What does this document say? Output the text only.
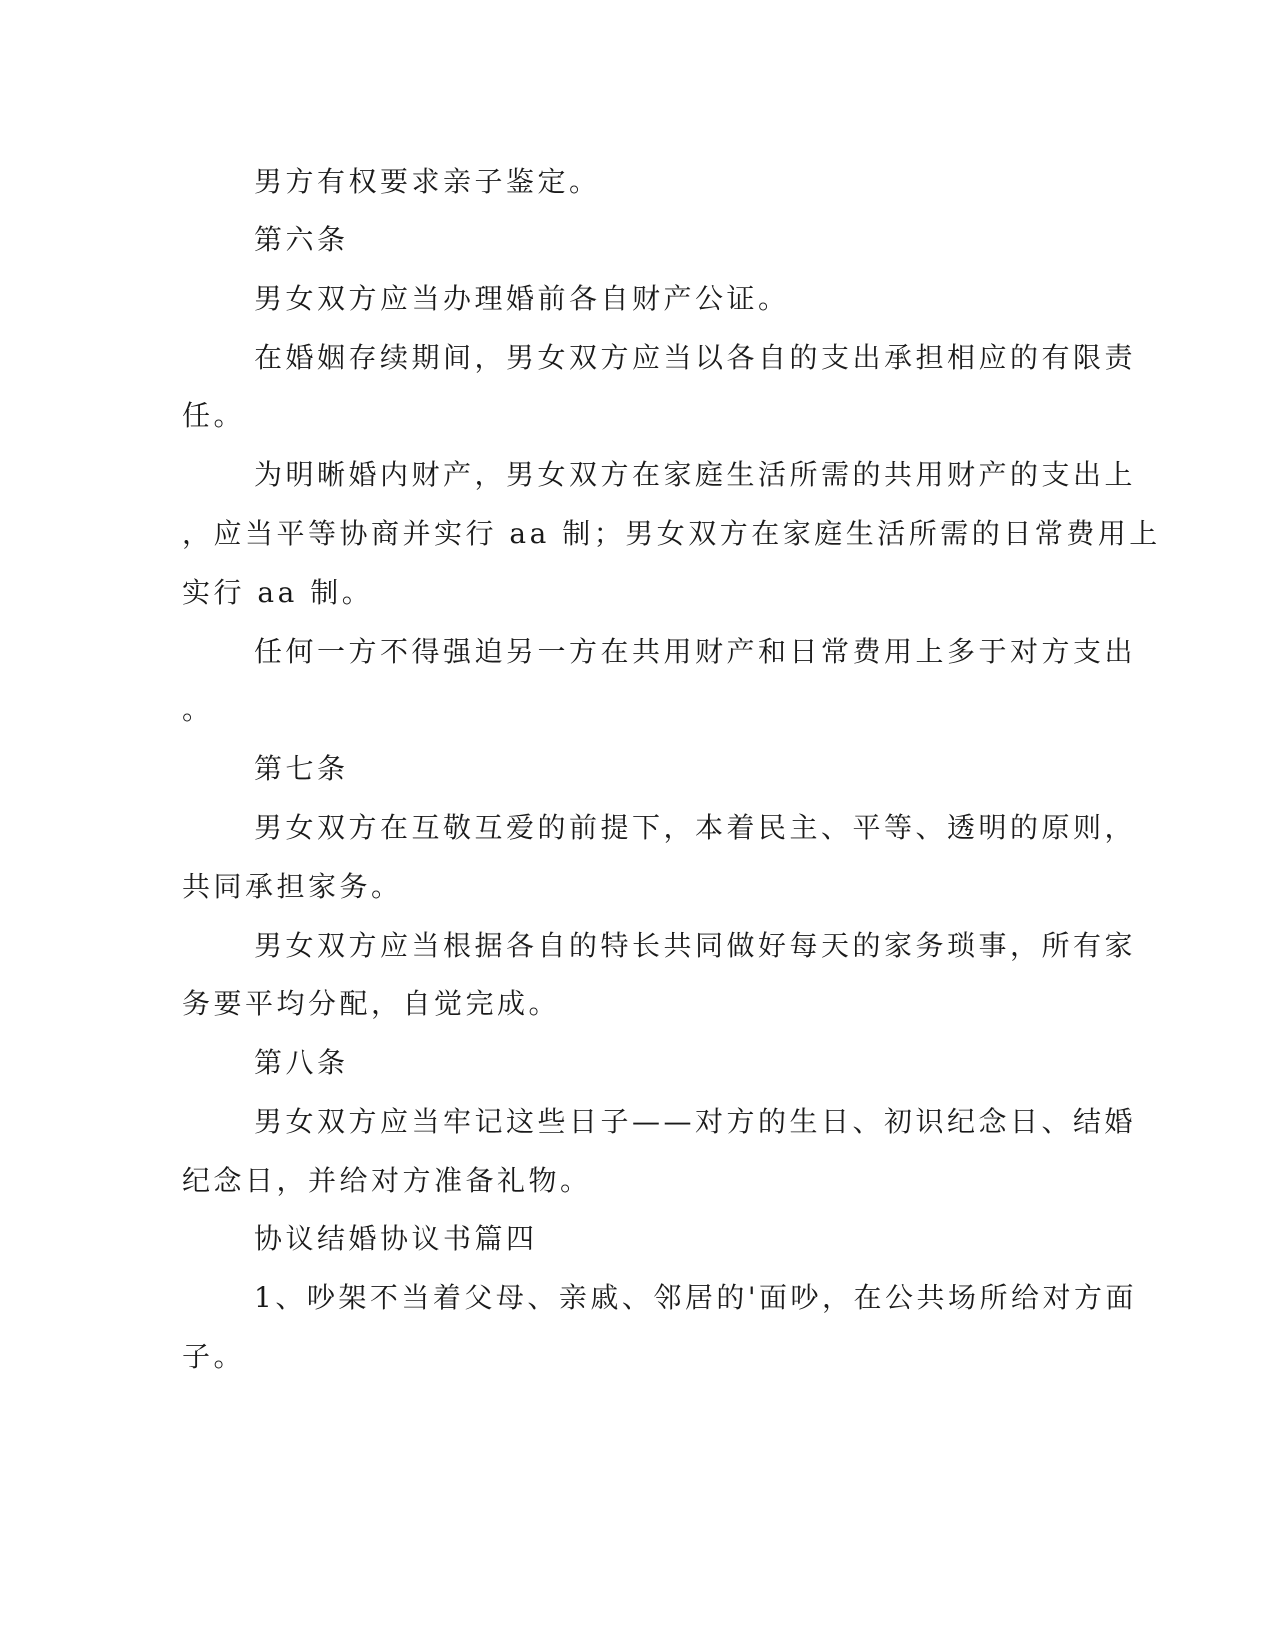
男方有权要求亲子鉴定。
第六条
男女双方应当办理婚前各自财产公证。
在婚姻存续期间，男女双方应当以各自的支出承担相应的有限责
任。
为明晰婚内财产，男女双方在家庭生活所需的共用财产的支出上
，应当平等协商并实行 aa 制；男女双方在家庭生活所需的日常费用上
实行 aa 制。
任何一方不得强迫另一方在共用财产和日常费用上多于对方支出
。
第七条
男女双方在互敬互爱的前提下，本着民主、平等、透明的原则，
共同承担家务。
男女双方应当根据各自的特长共同做好每天的家务琐事，所有家
务要平均分配，自觉完成。
第八条
男女双方应当牢记这些日子——对方的生日、初识纪念日、结婚
纪念日，并给对方准备礼物。
协议结婚协议书篇四
1、吵架不当着父母、亲戚、邻居的'面吵，在公共场所给对方面
子。
